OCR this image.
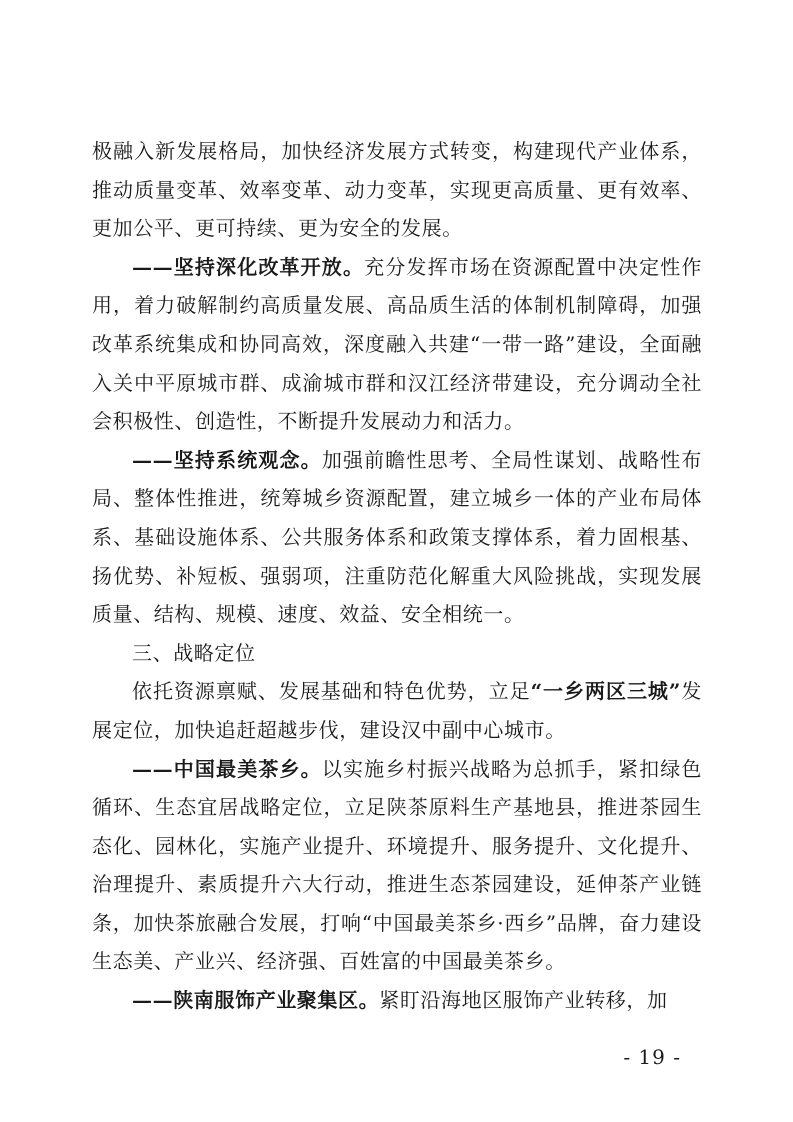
极融入新发展格局，加快经济发展方式转变，构建现代产业体系，推动质量变革、效率变革、动力变革，实现更高质量、更有效率、更加公平、更可持续、更为安全的发展。

——坚持深化改革开放。充分发挥市场在资源配置中决定性作用，着力破解制约高质量发展、高品质生活的体制机制障碍，加强改革系统集成和协同高效，深度融入共建“一带一路”建设，全面融入关中平原城市群、成渝城市群和汉江经济带建设，充分调动全社会积极性、创造性，不断提升发展动力和活力。

——坚持系统观念。加强前瞻性思考、全局性谋划、战略性布局、整体性推进，统筹城乡资源配置，建立城乡一体的产业布局体系、基础设施体系、公共服务体系和政策支撑体系，着力固根基、扬优势、补短板、强弱项，注重防范化解重大风险挑战，实现发展质量、结构、规模、速度、效益、安全相统一。

三、战略定位

依托资源禀赋、发展基础和特色优势，立足“一乡两区三城”发展定位，加快追赶超越步伐，建设汉中副中心城市。

——中国最美茶乡。以实施乡村振兴战略为总抓手，紧扣绿色循环、生态宜居战略定位，立足陕茶原料生产基地县，推进茶园生态化、园林化，实施产业提升、环境提升、服务提升、文化提升、治理提升、素质提升六大行动，推进生态茶园建设，延伸茶产业链条，加快茶旅融合发展，打响“中国最美茶乡·西乡”品牌，奋力建设生态美、产业兴、经济强、百姓富的中国最美茶乡。

——陕南服饰产业聚集区。紧盯沿海地区服饰产业转移，加

- 19 -
